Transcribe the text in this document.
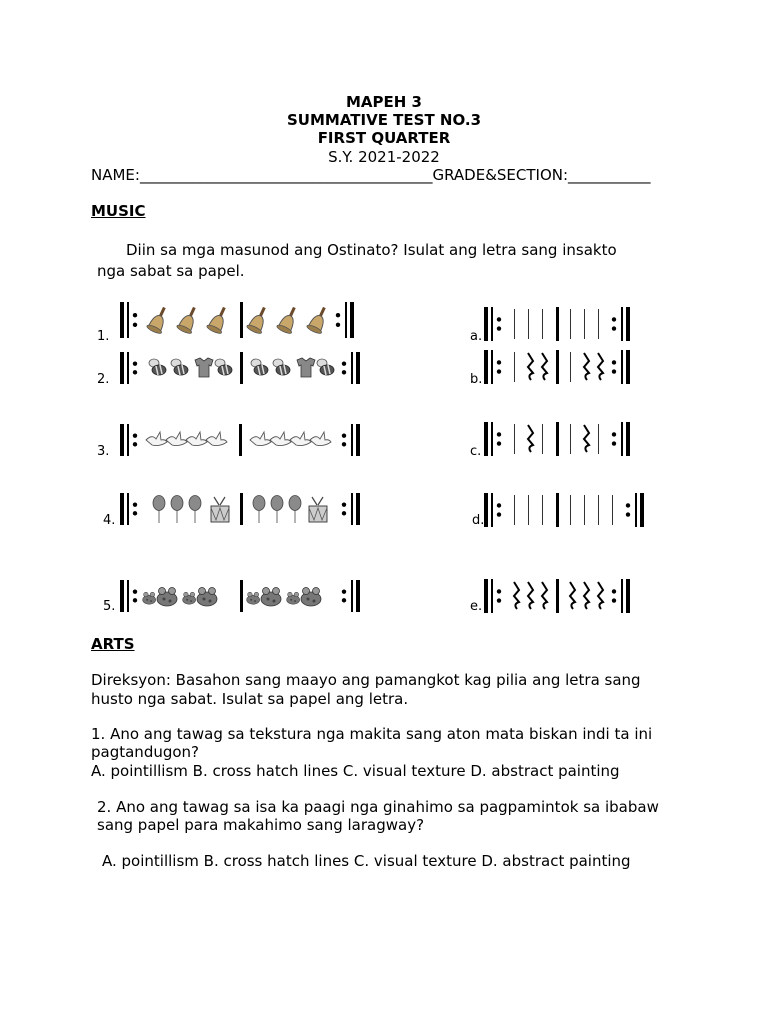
MAPEH 3
SUMMATIVE TEST NO.3
FIRST QUARTER
S.Y. 2021-2022
NAME:_______________________________________GRADE&SECTION:___________
MUSIC
Diin sa mga masunod ang Ostinato? Isulat ang letra sang insakto
nga sabat sa papel.
1.
2.
3.
4.
5.
a.
b.
c.
d.
e.
ARTS
Direksyon: Basahon sang maayo ang pamangkot kag pilia ang letra sang
husto nga sabat. Isulat sa papel ang letra.
1. Ano ang tawag sa tekstura nga makita sang aton mata biskan indi ta ini
pagtandugon?
A. pointillism B. cross hatch lines C. visual texture D. abstract painting
2. Ano ang tawag sa isa ka paagi nga ginahimo sa pagpamintok sa ibabaw
sang papel para makahimo sang laragway?
A. pointillism B. cross hatch lines C. visual texture D. abstract painting
